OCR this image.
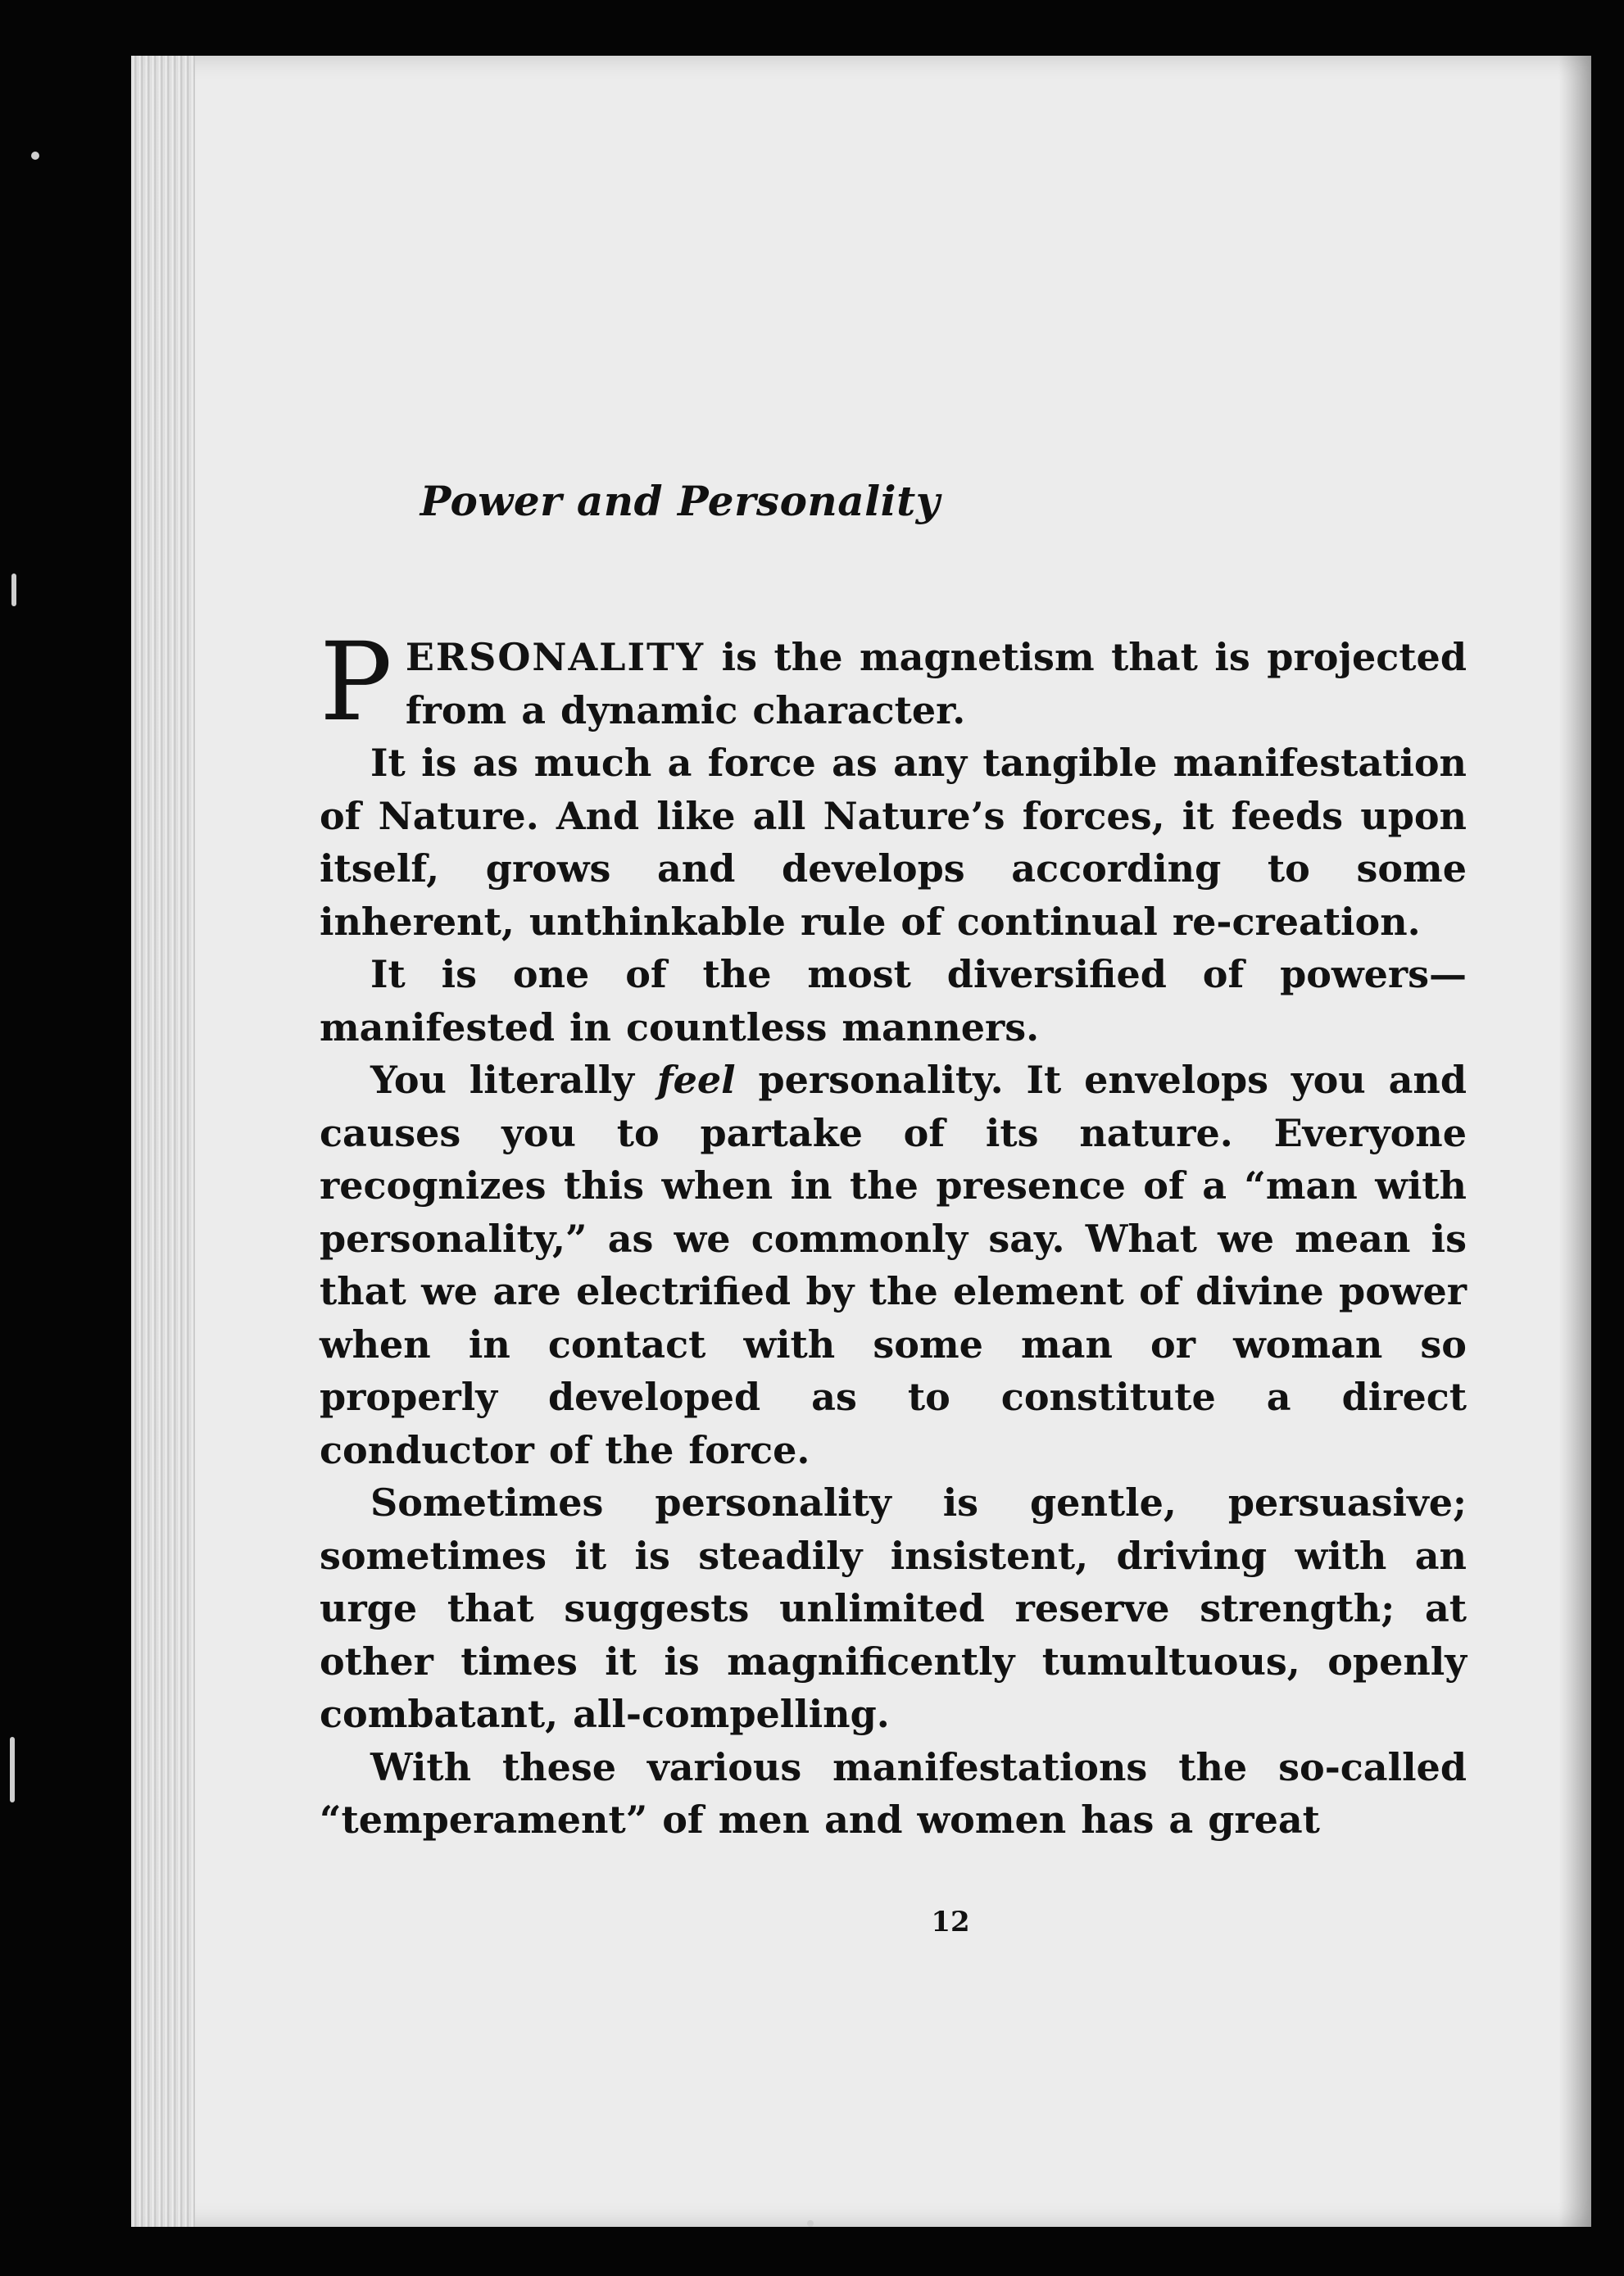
Power and Personality

PERSONALITY is the magnetism that is projected from a dynamic character.

It is as much a force as any tangible manifestation of Nature. And like all Nature’s forces, it feeds upon itself, grows and develops according to some inherent, unthinkable rule of continual re-creation.

It is one of the most diversified of powers— manifested in countless manners.

You literally feel personality. It envelops you and causes you to partake of its nature. Everyone recognizes this when in the presence of a “man with personality,” as we commonly say. What we mean is that we are electrified by the element of divine power when in contact with some man or woman so properly developed as to constitute a direct conductor of the force.

Sometimes personality is gentle, persuasive; sometimes it is steadily insistent, driving with an urge that suggests unlimited reserve strength; at other times it is magnificently tumultuous, openly combatant, all-compelling.

With these various manifestations the so-called “temperament” of men and women has a great

12
